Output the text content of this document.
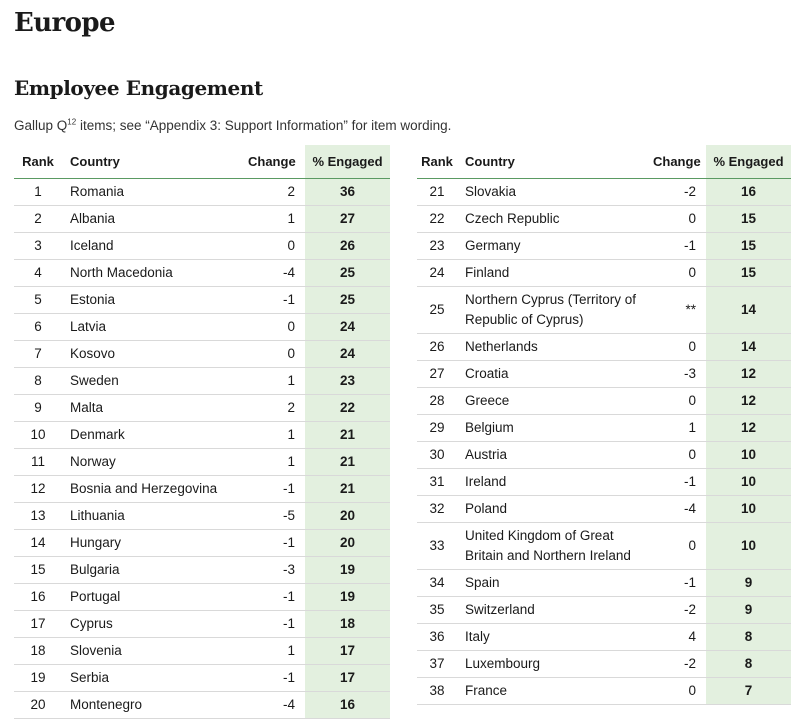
Europe
Employee Engagement

Gallup $Q^{12}$ items; see “Appendix 3: Support Information” for item wording.

Rank	Country	Change	% Engaged
1	Romania	2	36
2	Albania	1	27
3	Iceland	0	26
4	North Macedonia	-4	25
5	Estonia	-1	25
6	Latvia	0	24
7	Kosovo	0	24
8	Sweden	1	23
9	Malta	2	22
10	Denmark	1	21
11	Norway	1	21
12	Bosnia and Herzegovina	-1	21
13	Lithuania	-5	20
14	Hungary	-1	20
15	Bulgaria	-3	19
16	Portugal	-1	19
17	Cyprus	-1	18
18	Slovenia	1	17
19	Serbia	-1	17
20	Montenegro	-4	16
Rank	Country	Change	% Engaged
21	Slovakia	-2	16
22	Czech Republic	0	15
23	Germany	-1	15
24	Finland	0	15
25	Northern Cyprus (Territory of Republic of Cyprus)	**	14
26	Netherlands	0	14
27	Croatia	-3	12
28	Greece	0	12
29	Belgium	1	12
30	Austria	0	10
31	Ireland	-1	10
32	Poland	-4	10
33	United Kingdom of Great Britain and Northern Ireland	0	10
34	Spain	-1	9
35	Switzerland	-2	9
36	Italy	4	8
37	Luxembourg	-2	8
38	France	0	7
